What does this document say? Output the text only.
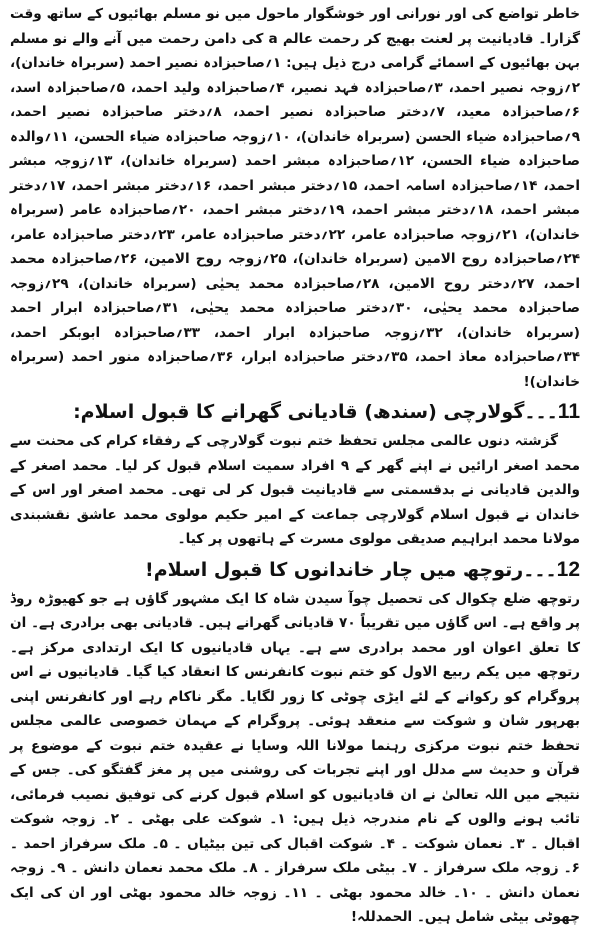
خاطر تواضع کی اور نورانی اور خوشگوار ماحول میں نو مسلم بھائیوں کے ساتھ وقت گزارا۔ قادیانیت پر لعنت بھیج کر رحمت عالم a کی دامن رحمت میں آنے والے نو مسلم بہن بھائیوں کے اسمائے گرامی درج ذیل ہیں: ۱؍صاحبزادہ نصیر احمد (سربراہ خاندان)، ۲؍زوجہ نصیر احمد، ۳؍صاحبزادہ فہد نصیر، ۴؍صاحبزادہ ولید احمد، ۵؍صاحبزادہ اسد، ۶؍صاحبزادہ معید، ۷؍دختر صاحبزادہ نصیر احمد، ۸؍دختر صاحبزادہ نصیر احمد، ۹؍صاحبزادہ ضیاء الحسن (سربراہ خاندان)، ۱۰؍زوجہ صاحبزادہ ضیاء الحسن، ۱۱؍والدہ صاحبزادہ ضیاء الحسن، ۱۲؍صاحبزادہ مبشر احمد (سربراہ خاندان)، ۱۳؍زوجہ مبشر احمد، ۱۴؍صاحبزادہ اسامہ احمد، ۱۵؍دختر مبشر احمد، ۱۶؍دختر مبشر احمد، ۱۷؍دختر مبشر احمد، ۱۸؍دختر مبشر احمد، ۱۹؍دختر مبشر احمد، ۲۰؍صاحبزادہ عامر (سربراہ خاندان)، ۲۱؍زوجہ صاحبزادہ عامر، ۲۲؍دختر صاحبزادہ عامر، ۲۳؍دختر صاحبزادہ عامر، ۲۴؍صاحبزادہ روح الامین (سربراہ خاندان)، ۲۵؍زوجہ روح الامین، ۲۶؍صاحبزادہ محمد احمد، ۲۷؍دختر روح الامین، ۲۸؍صاحبزادہ محمد یحیٰی (سربراہ خاندان)، ۲۹؍زوجہ صاحبزادہ محمد یحیٰی، ۳۰؍دختر صاحبزادہ محمد یحیٰی، ۳۱؍صاحبزادہ ابرار احمد (سربراہ خاندان)، ۳۲؍زوجہ صاحبزادہ ابرار احمد، ۳۳؍صاحبزادہ ابوبکر احمد، ۳۴؍صاحبزادہ معاذ احمد، ۳۵؍دختر صاحبزادہ ابرار، ۳۶؍صاحبزادہ منور احمد (سربراہ خاندان)!

11۔۔۔گولارچی (سندھ) قادیانی گھرانے کا قبول اسلام:

گزشتہ دنوں عالمی مجلس تحفظ ختم نبوت گولارچی کے رفقاء کرام کی محنت سے محمد اصغر ارائیں نے اپنے گھر کے ۹ افراد سمیت اسلام قبول کر لیا۔ محمد اصغر کے والدین قادیانی نے بدقسمتی سے قادیانیت قبول کر لی تھی۔ محمد اصغر اور اس کے خاندان نے قبول اسلام گولارچی جماعت کے امیر حکیم مولوی محمد عاشق نقشبندی مولانا محمد ابراہیم صدیقی مولوی مسرت کے ہاتھوں پر کیا۔

12۔۔۔رتوچھ میں چار خاندانوں کا قبول اسلام!

رتوچھ ضلع چکوال کی تحصیل چوآ سیدن شاہ کا ایک مشہور گاؤں ہے جو کھیوڑہ روڈ پر واقع ہے۔ اس گاؤں میں تقریباً ۷۰ قادیانی گھرانے ہیں۔ قادیانی بھی برادری ہے۔ ان کا تعلق اعوان اور محمد برادری سے ہے۔ یہاں قادیانیوں کا ایک ارتدادی مرکز ہے۔ رتوچھ میں یکم ربیع الاول کو ختم نبوت کانفرنس کا انعقاد کیا گیا۔ قادیانیوں نے اس پروگرام کو رکوانے کے لئے ایڑی چوٹی کا زور لگایا۔ مگر ناکام رہے اور کانفرنس اپنی بھرپور شان و شوکت سے منعقد ہوئی۔ پروگرام کے مہمان خصوصی عالمی مجلس تحفظ ختم نبوت مرکزی رہنما مولانا اللہ وسایا نے عقیدہ ختم نبوت کے موضوع پر قرآن و حدیث سے مدلل اور اپنے تجربات کی روشنی میں پر مغز گفتگو کی۔ جس کے نتیجے میں اللہ تعالیٰ نے ان قادیانیوں کو اسلام قبول کرنے کی توفیق نصیب فرمائی، تائب ہونے والوں کے نام مندرجہ ذیل ہیں: ۱۔ شوکت علی بھٹی ۔ ۲۔ زوجہ شوکت اقبال ۔ ۳۔ نعمان شوکت ۔ ۴۔ شوکت اقبال کی تین بیٹیاں ۔ ۵۔ ملک سرفراز احمد ۔ ۶۔ زوجہ ملک سرفراز ۔ ۷۔ بیٹی ملک سرفراز ۔ ۸۔ ملک محمد نعمان دانش ۔ ۹۔ زوجہ نعمان دانش ۔ ۱۰۔ خالد محمود بھٹی ۔ ۱۱۔ زوجہ خالد محمود بھٹی اور ان کی ایک چھوٹی بیٹی شامل ہیں۔ الحمدللہ!
